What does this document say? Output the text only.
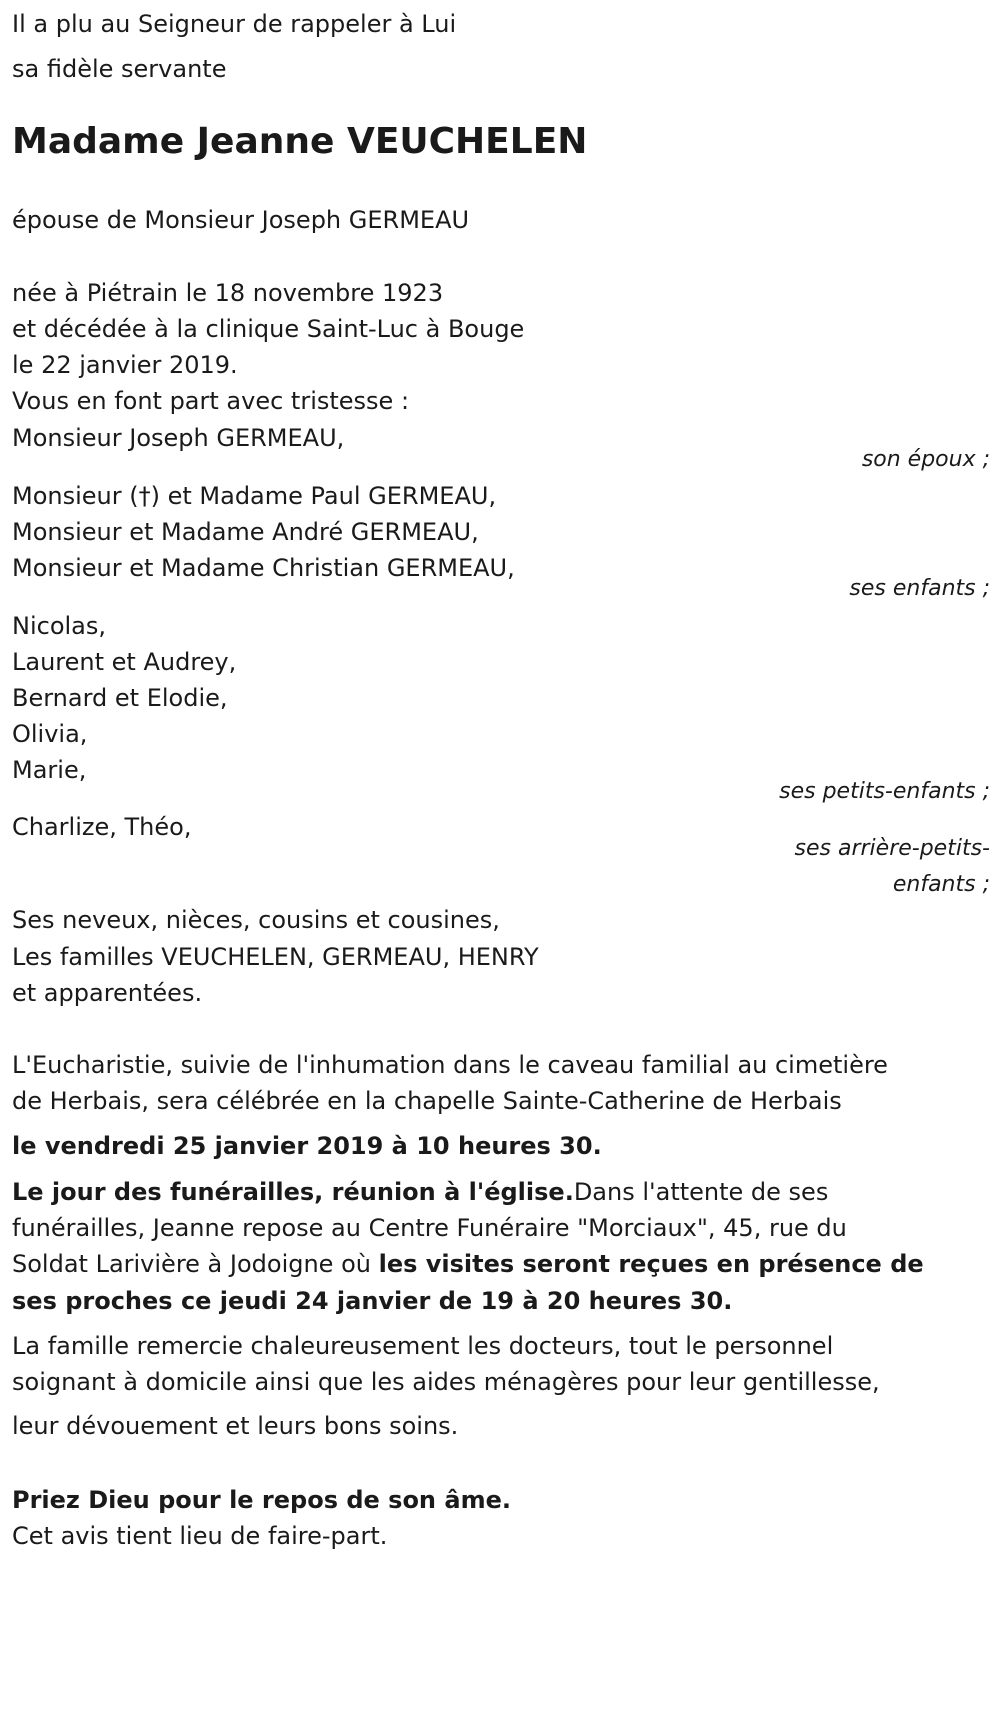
Il a plu au Seigneur de rappeler à Lui
sa fidèle servante
Madame Jeanne VEUCHELEN
épouse de Monsieur Joseph GERMEAU
née à Piétrain le 18 novembre 1923
et décédée à la clinique Saint-Luc à Bouge
le 22 janvier 2019.
Vous en font part avec tristesse :
Monsieur Joseph GERMEAU,
son époux ;
Monsieur (†) et Madame Paul GERMEAU,
Monsieur et Madame André GERMEAU,
Monsieur et Madame Christian GERMEAU,
ses enfants ;
Nicolas,
Laurent et Audrey,
Bernard et Elodie,
Olivia,
Marie,
ses petits-enfants ;
Charlize, Théo,
ses arrière-petits-
enfants ;
Ses neveux, nièces, cousins et cousines,
Les familles VEUCHELEN, GERMEAU, HENRY
et apparentées.
L'Eucharistie, suivie de l'inhumation dans le caveau familial au cimetière
de Herbais, sera célébrée en la chapelle Sainte-Catherine de Herbais
le vendredi 25 janvier 2019 à 10 heures 30.
Le jour des funérailles, réunion à l'église.Dans l'attente de ses
funérailles, Jeanne repose au Centre Funéraire "Morciaux", 45, rue du
Soldat Larivière à Jodoigne où les visites seront reçues en présence de
ses proches ce jeudi 24 janvier de 19 à 20 heures 30.
La famille remercie chaleureusement les docteurs, tout le personnel
soignant à domicile ainsi que les aides ménagères pour leur gentillesse,
leur dévouement et leurs bons soins.
Priez Dieu pour le repos de son âme.
Cet avis tient lieu de faire-part.
